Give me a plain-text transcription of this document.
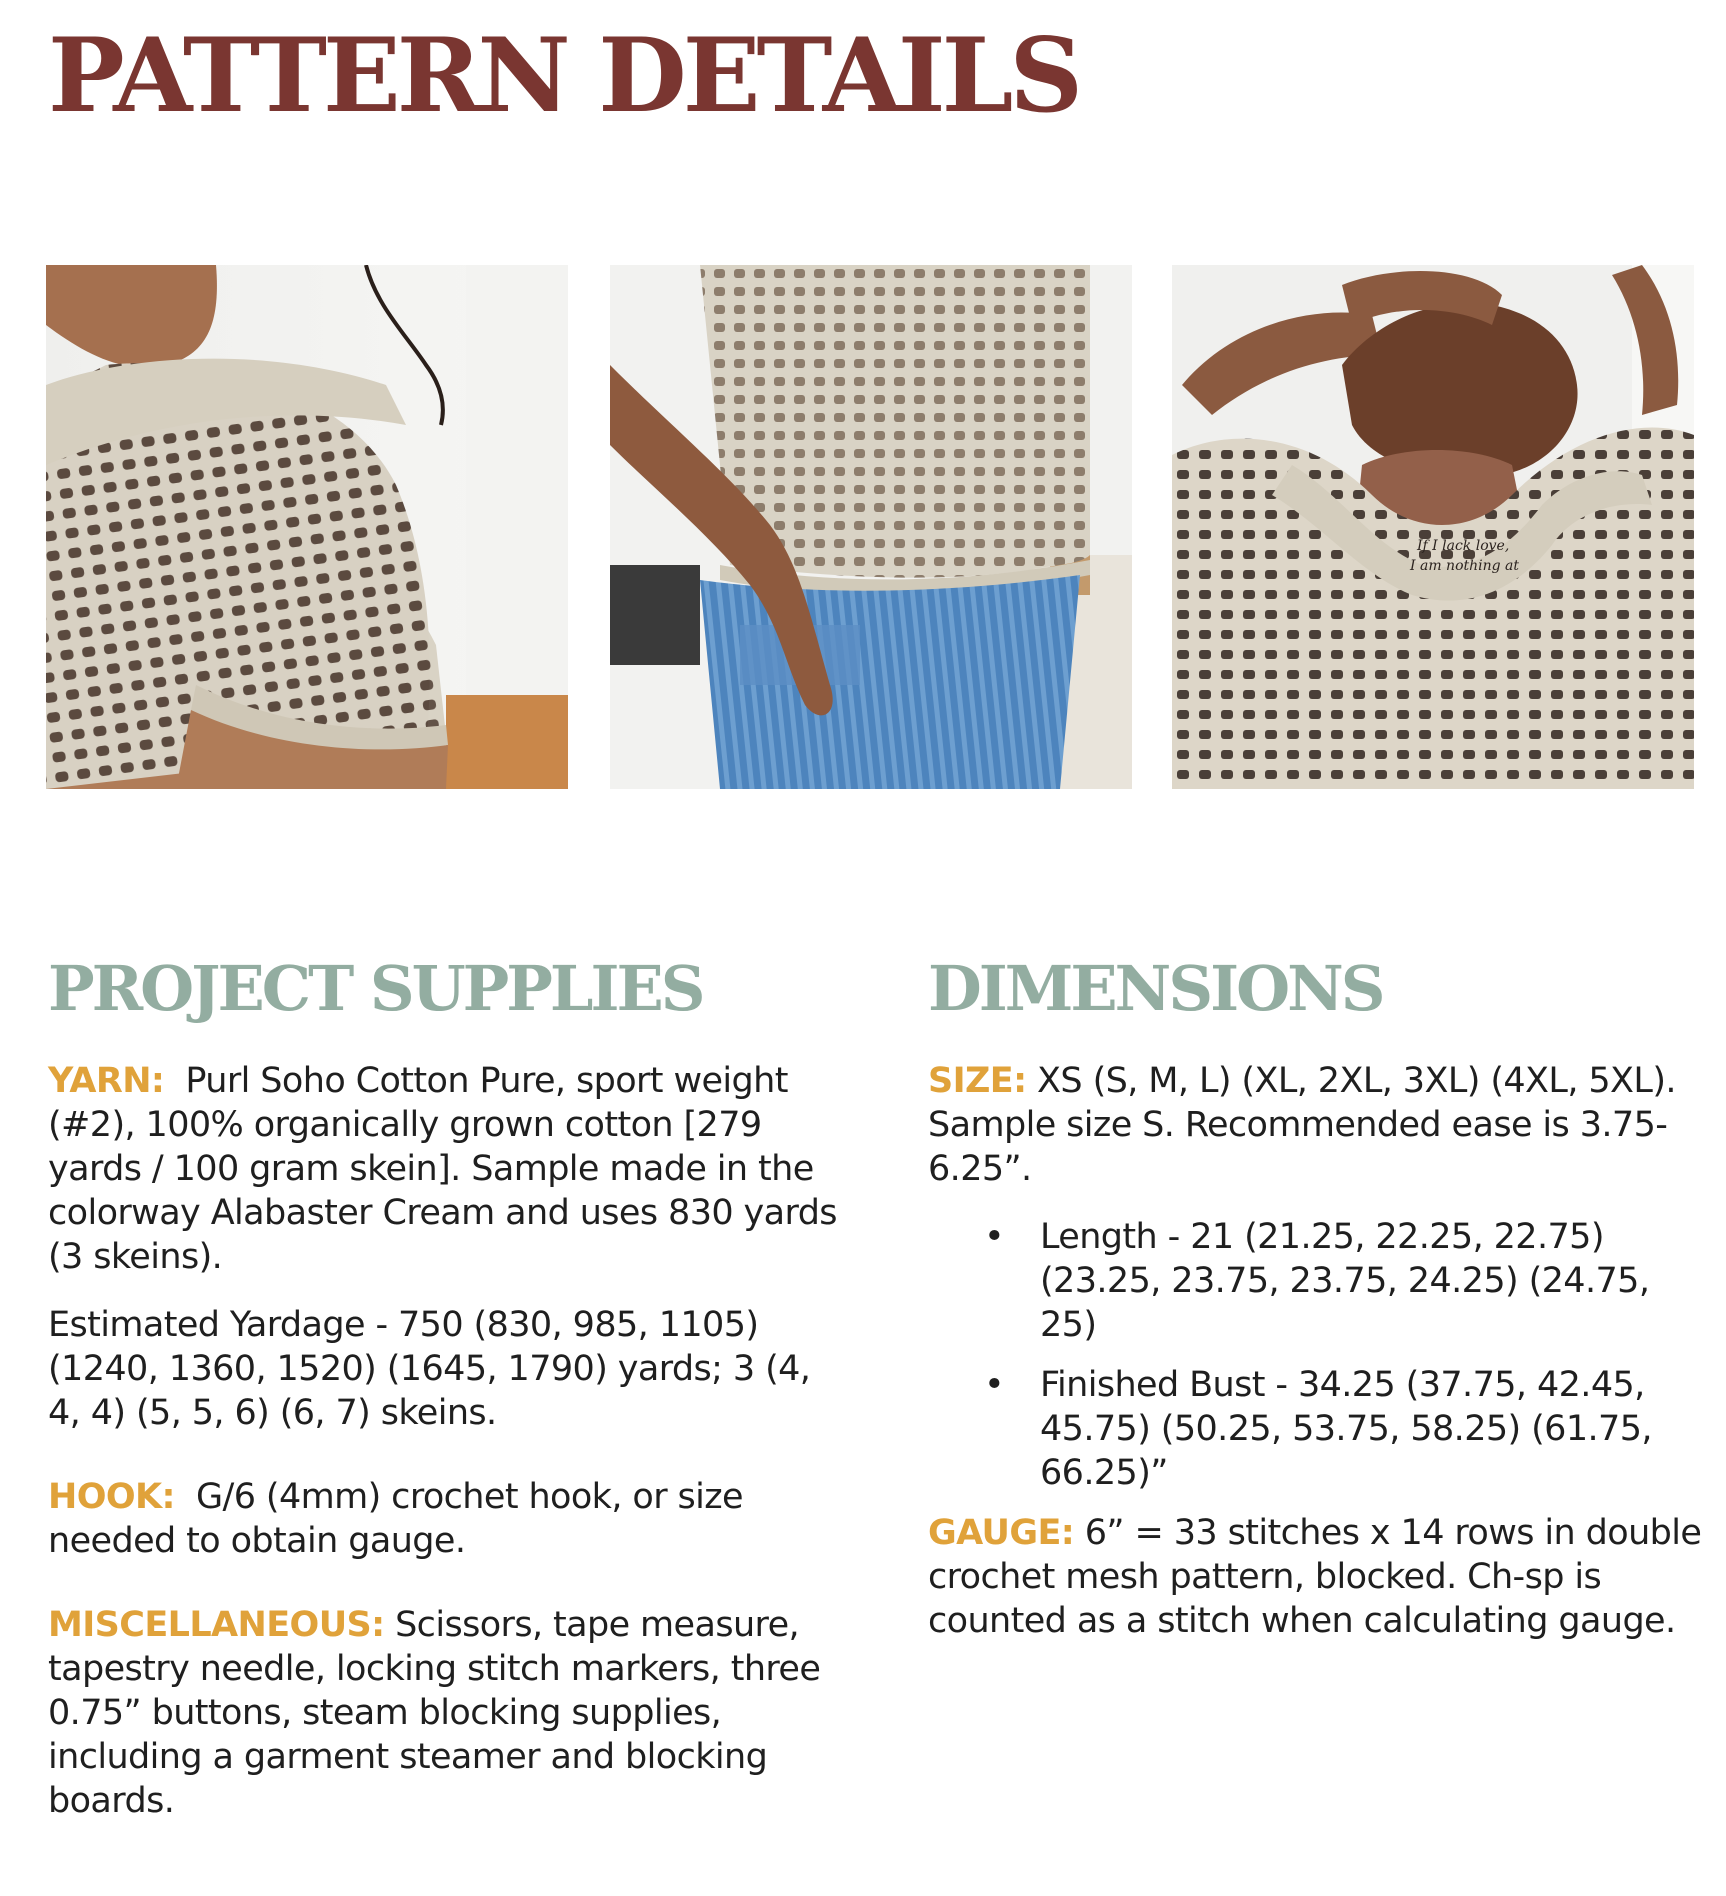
PATTERN DETAILS
If I lack love,
I am nothing at
PROJECT SUPPLIES

YARN: Purl Soho Cotton Pure, sport weight (#2), 100% organically grown cotton [279 yards / 100 gram skein]. Sample made in the colorway Alabaster Cream and uses 830 yards (3 skeins).

Estimated Yardage - 750 (830, 985, 1105) (1240, 1360, 1520) (1645, 1790) yards; 3 (4, 4, 4) (5, 5, 6) (6, 7) skeins.

HOOK: G/6 (4mm) crochet hook, or size needed to obtain gauge.

MISCELLANEOUS: Scissors, tape measure, tapestry needle, locking stitch markers, three 0.75” buttons, steam blocking supplies, including a garment steamer and blocking boards.

DIMENSIONS

SIZE: XS (S, M, L) (XL, 2XL, 3XL) (4XL, 5XL). Sample size S. Recommended ease is 3.75-6.25”.

• Length - 21 (21.25, 22.25, 22.75) (23.25, 23.75, 23.75, 24.25) (24.75, 25)
• Finished Bust - 34.25 (37.75, 42.45, 45.75) (50.25, 53.75, 58.25) (61.75, 66.25)”

GAUGE: 6” = 33 stitches x 14 rows in double crochet mesh pattern, blocked. Ch-sp is counted as a stitch when calculating gauge.
